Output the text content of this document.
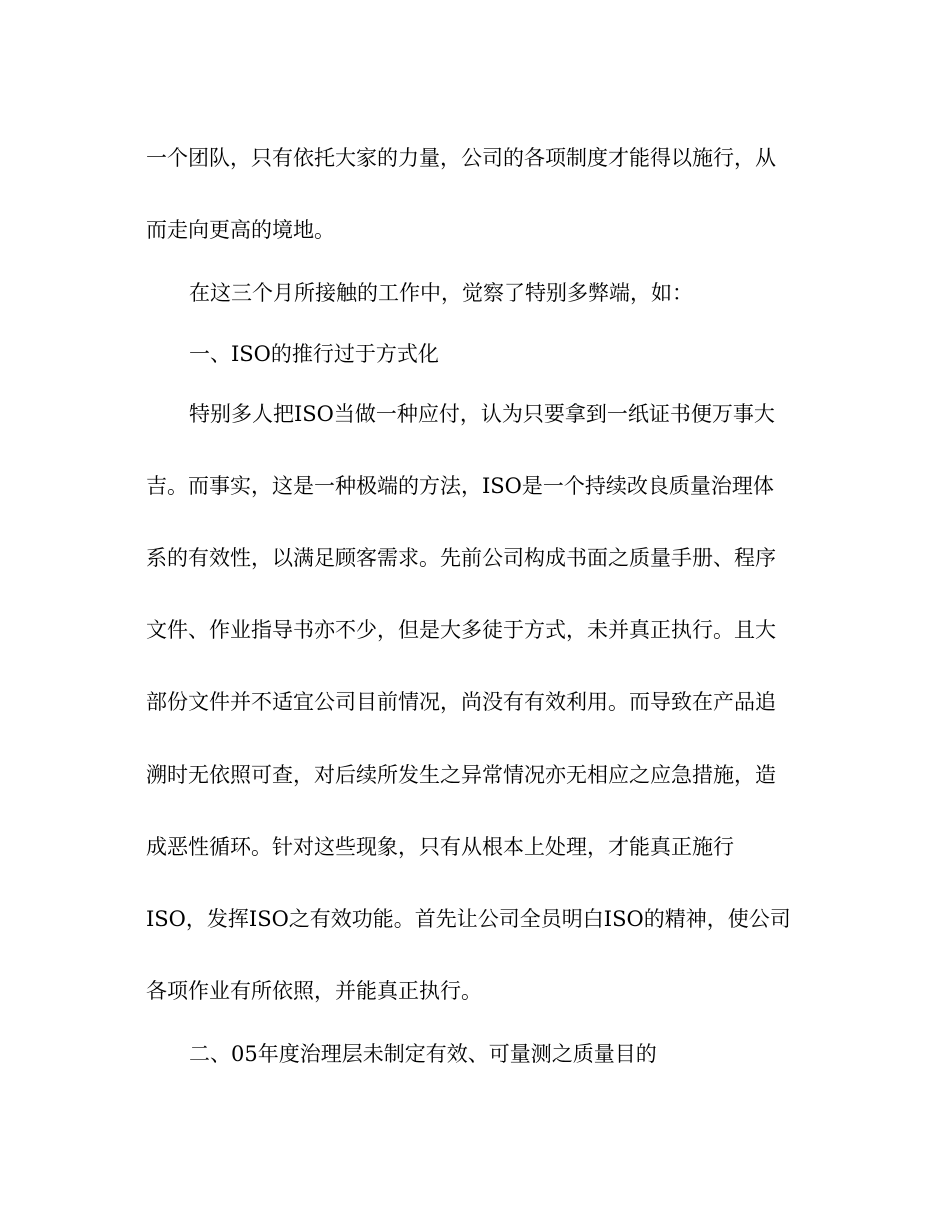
一个团队，只有依托大家的力量，公司的各项制度才能得以施行，从

而走向更高的境地。

在这三个月所接触的工作中，觉察了特别多弊端，如：

一、ISO的推行过于方式化

特别多人把ISO当做一种应付，认为只要拿到一纸证书便万事大

吉。而事实，这是一种极端的方法，ISO是一个持续改良质量治理体

系的有效性，以满足顾客需求。先前公司构成书面之质量手册、程序

文件、作业指导书亦不少，但是大多徒于方式，未并真正执行。且大

部份文件并不适宜公司目前情况，尚没有有效利用。而导致在产品追

溯时无依照可查，对后续所发生之异常情况亦无相应之应急措施，造

成恶性循环。针对这些现象，只有从根本上处理，才能真正施行

ISO，发挥ISO之有效功能。首先让公司全员明白ISO的精神，使公司

各项作业有所依照，并能真正执行。

二、05年度治理层未制定有效、可量测之质量目的
